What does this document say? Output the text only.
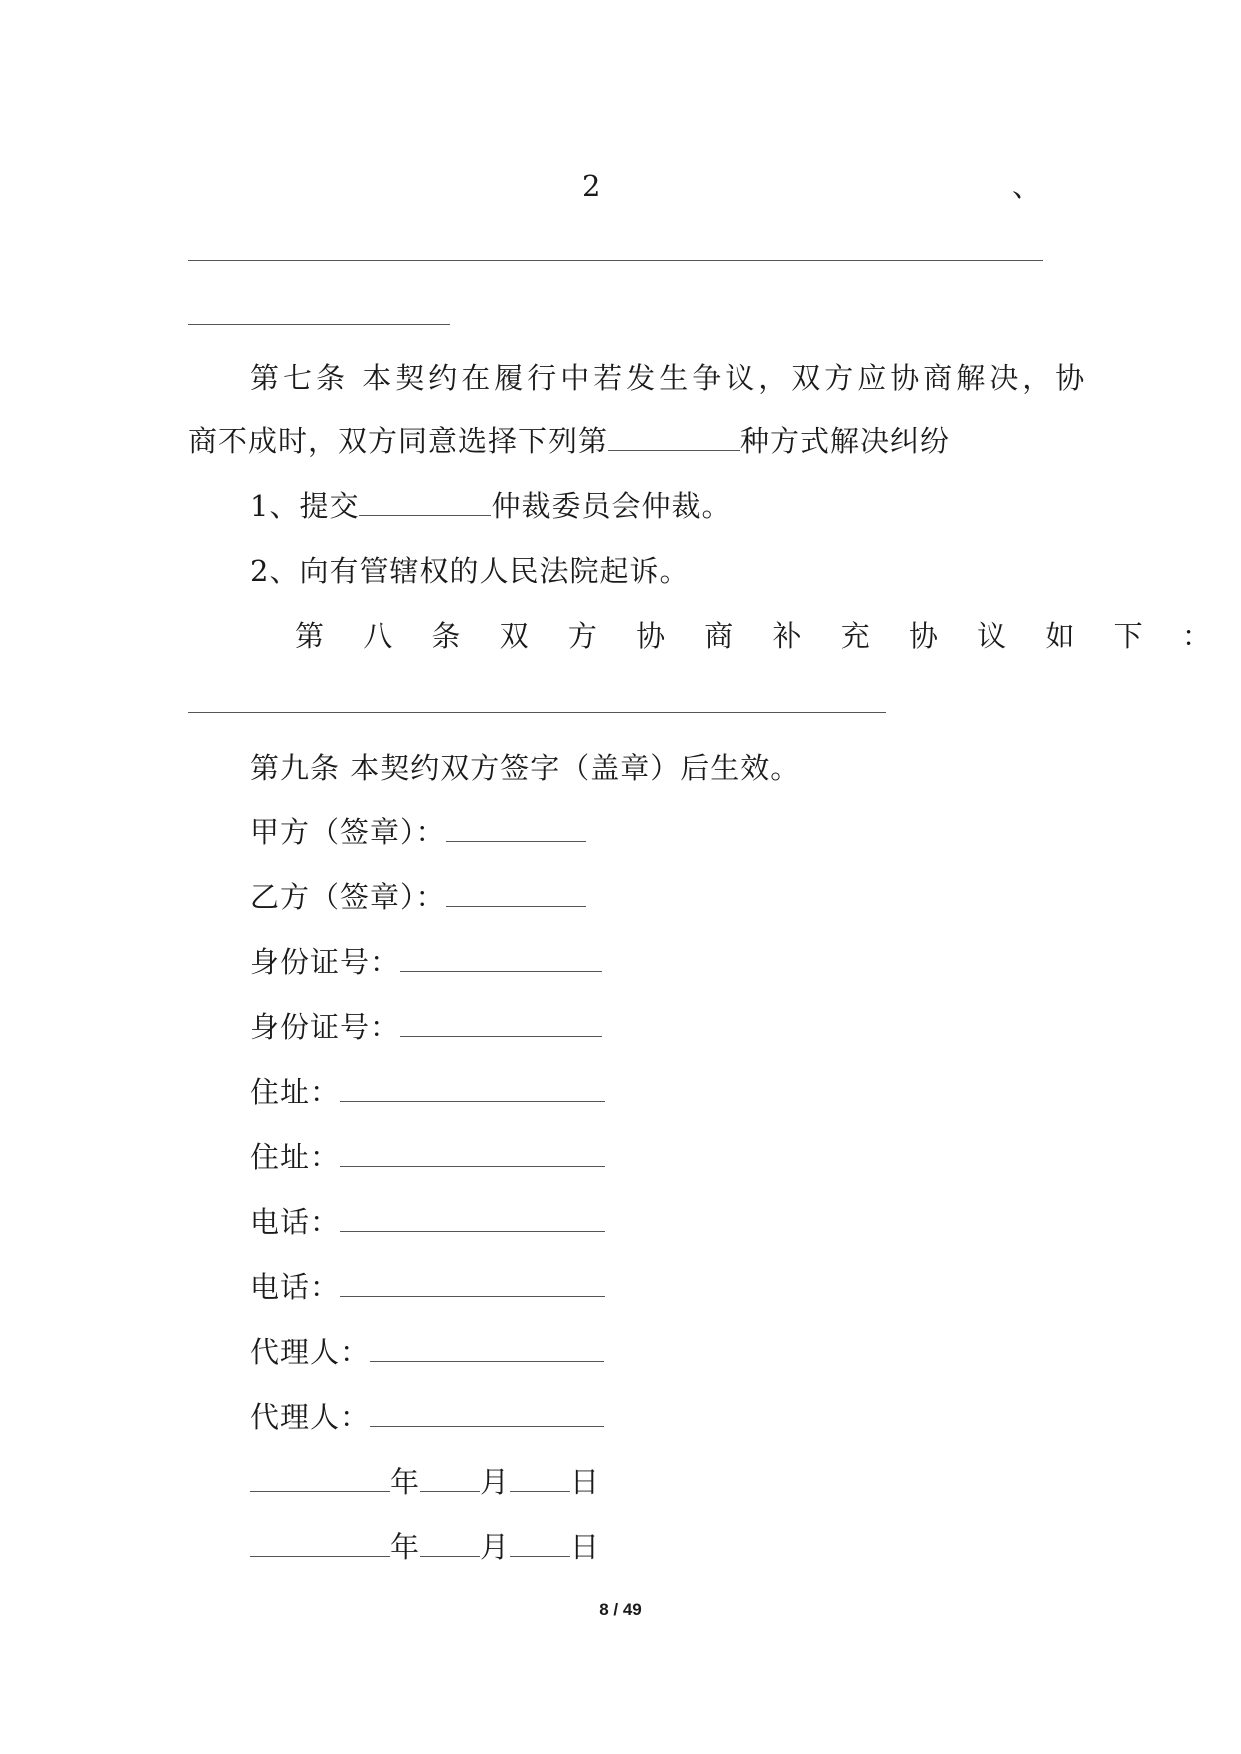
2	、
第七条 本契约在履行中若发生争议，双方应协商解决，协
商不成时，双方同意选择下列第	种方式解决纠纷
1、提交	仲裁委员会仲裁。
2、向有管辖权的人民法院起诉。
第 八 条 双 方 协 商 补 充 协 议 如 下 ：
第九条 本契约双方签字（盖章）后生效。
甲方（签章）：
乙方（签章）：
身份证号：
身份证号：
住址：
住址：
电话：
电话：
代理人：
代理人：
年 月 日
年 月 日
8 / 49
